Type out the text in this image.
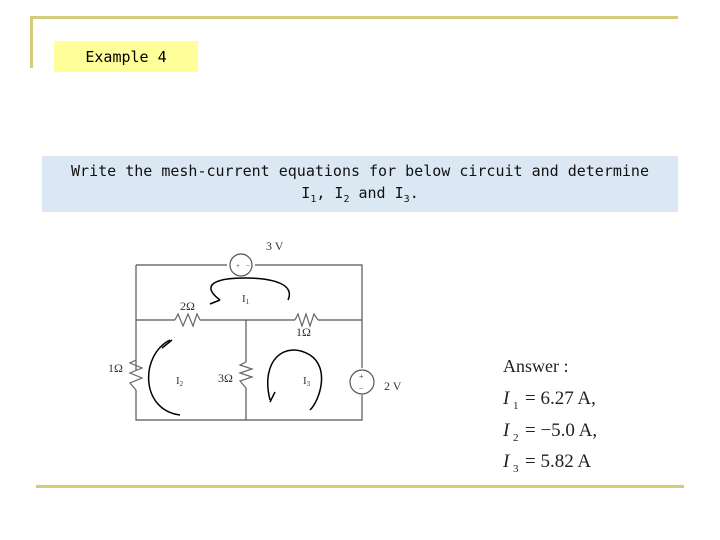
Example 4
Write the mesh-current equations for below circuit and determine
$I_1$, $I_2$ and $I_3$.
+ −
+
−
3 V
2 V
2Ω
1Ω
1Ω
3Ω
I1
I2	I3
Answer :
I 1 = 6.27 A,
I 2 = −5.0 A,
I 3 = 5.82 A
